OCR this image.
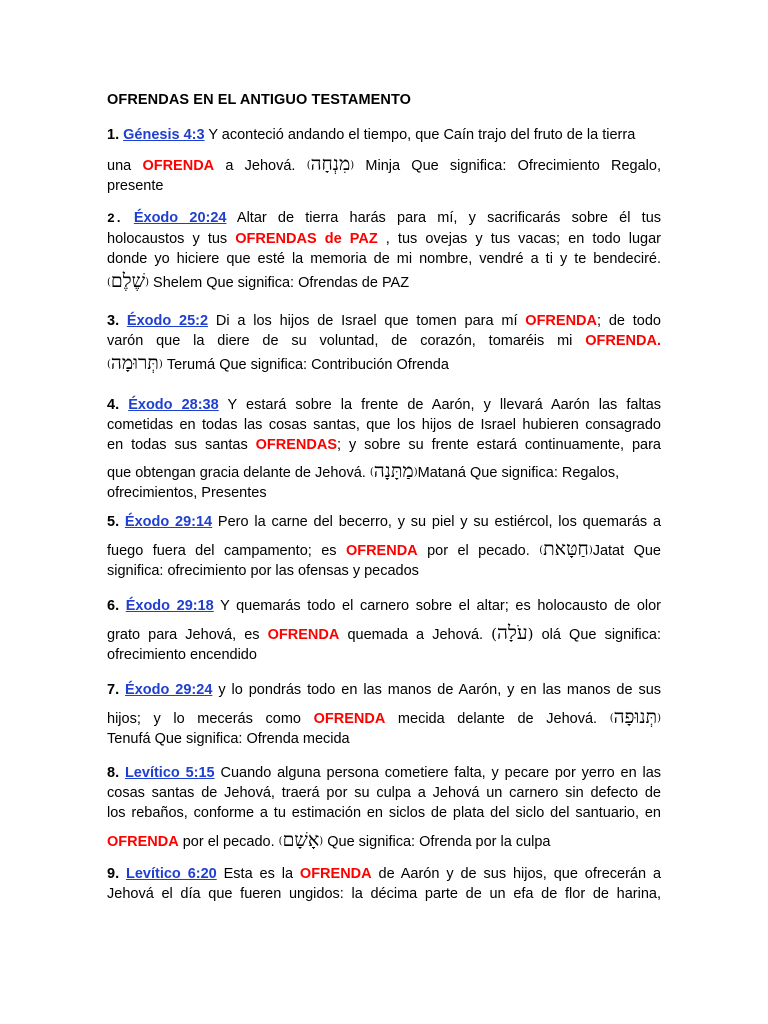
OFRENDAS EN EL ANTIGUO TESTAMENTO
1. Génesis 4:3 Y aconteció andando el tiempo, que Caín trajo del fruto de la tierra
una OFRENDA a Jehová. (מִנְחָה) Minja Que significa: Ofrecimiento Regalo,
presente
2. Éxodo 20:24 Altar de tierra harás para mí, y sacrificarás sobre él tus
holocaustos y tus OFRENDAS de PAZ , tus ovejas y tus vacas; en todo lugar
donde yo hiciere que esté la memoria de mi nombre, vendré a ti y te bendeciré.
(שֶׁלֶם) Shelem Que significa: Ofrendas de PAZ
3. Éxodo 25:2 Di a los hijos de Israel que tomen para mí OFRENDA; de todo
varón que la diere de su voluntad, de corazón, tomaréis mi OFRENDA.
(תְּרוּמָה) Terumá Que significa: Contribución Ofrenda
4. Éxodo 28:38 Y estará sobre la frente de Aarón, y llevará Aarón las faltas
cometidas en todas las cosas santas, que los hijos de Israel hubieren consagrado
en todas sus santas OFRENDAS; y sobre su frente estará continuamente, para
que obtengan gracia delante de Jehová. (מַתָּנָה)Mataná Que significa: Regalos,
ofrecimientos, Presentes
5. Éxodo 29:14 Pero la carne del becerro, y su piel y su estiércol, los quemarás a
fuego fuera del campamento; es OFRENDA por el pecado. (חַטָּאת)Jatat Que
significa: ofrecimiento por las ofensas y pecados
6. Éxodo 29:18 Y quemarás todo el carnero sobre el altar; es holocausto de olor
grato para Jehová, es OFRENDA quemada a Jehová. (עֹלָה) olá Que significa:
ofrecimiento encendido
7. Éxodo 29:24 y lo pondrás todo en las manos de Aarón, y en las manos de sus
hijos; y lo mecerás como OFRENDA mecida delante de Jehová. (תְּנוּפָה)
Tenufá Que significa: Ofrenda mecida
8. Levítico 5:15 Cuando alguna persona cometiere falta, y pecare por yerro en las
cosas santas de Jehová, traerá por su culpa a Jehová un carnero sin defecto de
los rebaños, conforme a tu estimación en siclos de plata del siclo del santuario, en
OFRENDA por el pecado. (אָשָׁם) Que significa: Ofrenda por la culpa
9. Levítico 6:20 Esta es la OFRENDA de Aarón y de sus hijos, que ofrecerán a
Jehová el día que fueren ungidos: la décima parte de un efa de flor de harina,
